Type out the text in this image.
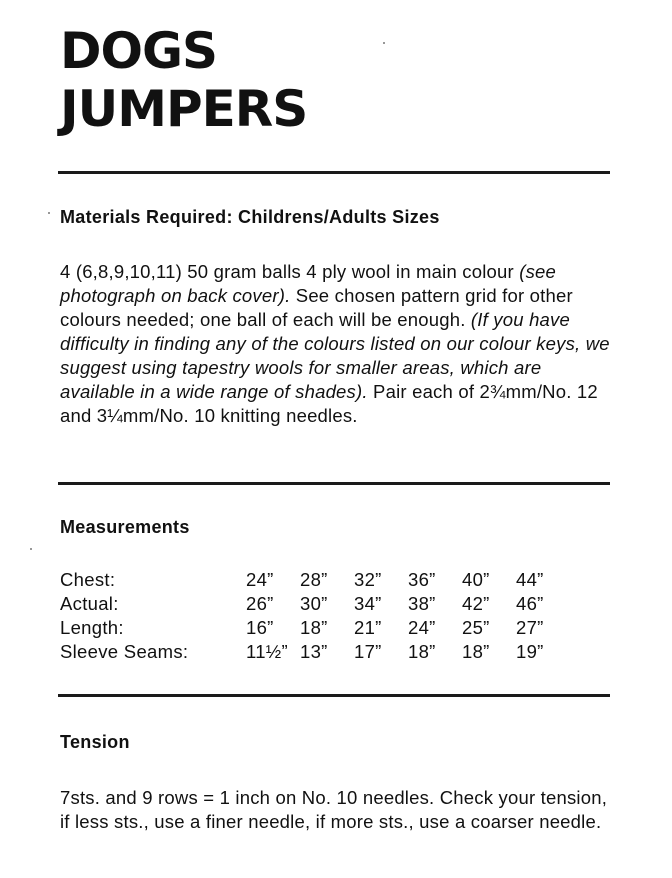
DOGS
JUMPERS
Materials Required: Childrens/Adults Sizes

4 (6,8,9,10,11) 50 gram balls 4 ply wool in main colour (see photograph on back cover). See chosen pattern grid for other colours needed; one ball of each will be enough. (If you have difficulty in finding any of the colours listed on our colour keys, we suggest using tapestry wools for smaller areas, which are available in a wide range of shades). Pair each of 2¾mm/No. 12 and 3¼mm/No. 10 knitting needles.

Measurements
Chest:	24”	28”	32”	36”	40”	44”
Actual:	26”	30”	34”	38”	42”	46”
Length:	16”	18”	21”	24”	25”	27”
Sleeve Seams:	11½”	13”	17”	18”	18”	19”
Tension

7sts. and 9 rows = 1 inch on No. 10 needles. Check your tension, if less sts., use a finer needle, if more sts., use a coarser needle.
